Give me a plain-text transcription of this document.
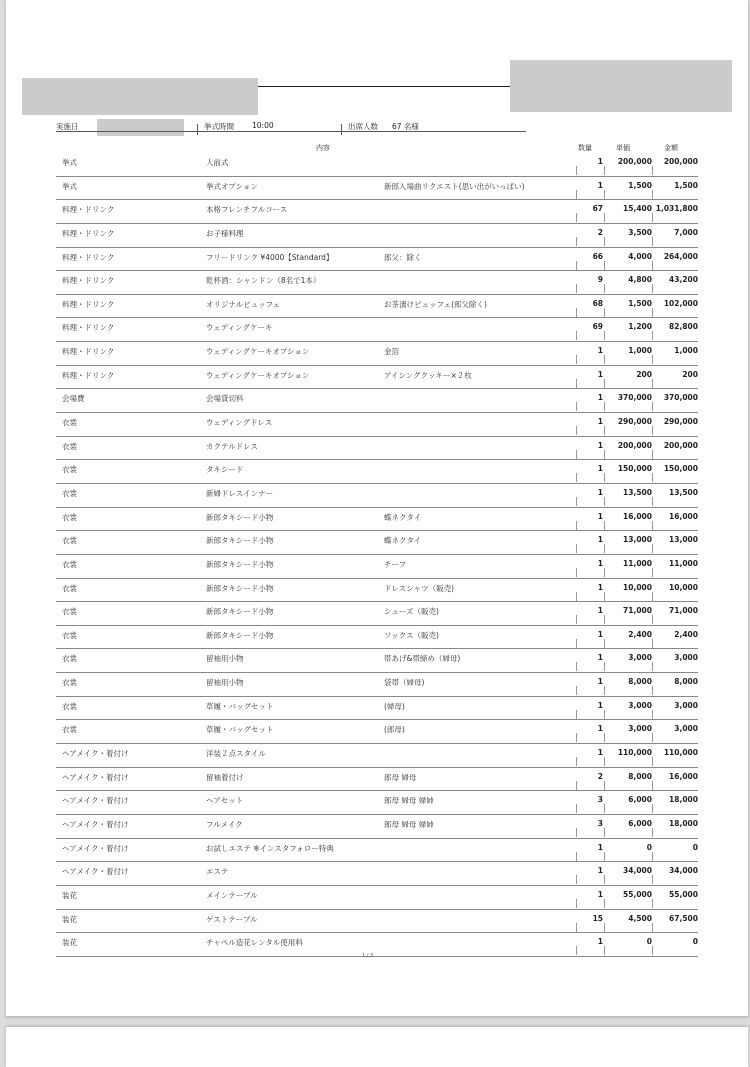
実施日	挙式時間 10:00	出席人数 67 名様
内容	数量	単価	金額
挙式	人前式	1 200,000 200,000
挙式	挙式オプション	新郎入場曲リクエスト(思い出がいっぱい)	1	1,500	1,500
料理・ドリンク	本格フレンチフルコース	67	15,400 1,031,800
料理・ドリンク	お子様料理	2	3,500	7,000
料理・ドリンク	フリードリンク ¥4000【Standard】	郎父：除く	66	4,000 264,000
料理・ドリンク	乾杯酒：シャンドン（8名で1本）	9	4,800 43,200
料理・ドリンク	オリジナルビュッフェ	お茶漬けビュッフェ(郎父除く)	68	1,500 102,000
料理・ドリンク	ウェディングケーキ	69	1,200 82,800
料理・ドリンク	ウェディングケーキオプション	金箔	1	1,000	1,000
料理・ドリンク	ウェディングケーキオプション	アイシングクッキー×２枚	1	200	200
会場費	会場貸切料	1 370,000 370,000
衣裳	ウェディングドレス	1 290,000 290,000
衣裳	カクテルドレス	1 200,000 200,000
衣裳	タキシード	1 150,000 150,000
衣裳	新婦ドレスインナー	1	13,500 13,500
衣裳	新郎タキシード小物	蝶ネクタイ	1	16,000 16,000
衣裳	新郎タキシード小物	蝶ネクタイ	1	13,000 13,000
衣裳	新郎タキシード小物	チーフ	1	11,000 11,000
衣裳	新郎タキシード小物	ドレスシャツ（販売)	1	10,000 10,000
衣裳	新郎タキシード小物	シューズ（販売)	1	71,000 71,000
衣裳	新郎タキシード小物	ソックス（販売)	1	2,400	2,400
衣裳	留袖用小物	帯あげ&帯締め（婦母)	1	3,000	3,000
衣裳	留袖用小物	袋帯（婦母)	1	8,000	8,000
衣裳	草履・バッグセット	(婦母)	1	3,000	3,000
衣裳	草履・バッグセット	(郎母)	1	3,000	3,000
ヘアメイク・着付け	洋装２点スタイル	1 110,000 110,000
ヘアメイク・着付け	留袖着付け	郎母 婦母	2	8,000 16,000
ヘアメイク・着付け	ヘアセット	郎母 婦母 婦姉	3	6,000 18,000
ヘアメイク・着付け	フルメイク	郎母 婦母 婦姉	3	6,000 18,000
ヘアメイク・着付け	お試しエステ ※インスタフォロー特典	1	0	0
ヘアメイク・着付け	エステ	1	34,000 34,000
装花	メインテーブル	1	55,000 55,000
装花	ゲストテーブル	15	4,500 67,500
装花	チャペル造花レンタル使用料	1	0	0
1 / 3
